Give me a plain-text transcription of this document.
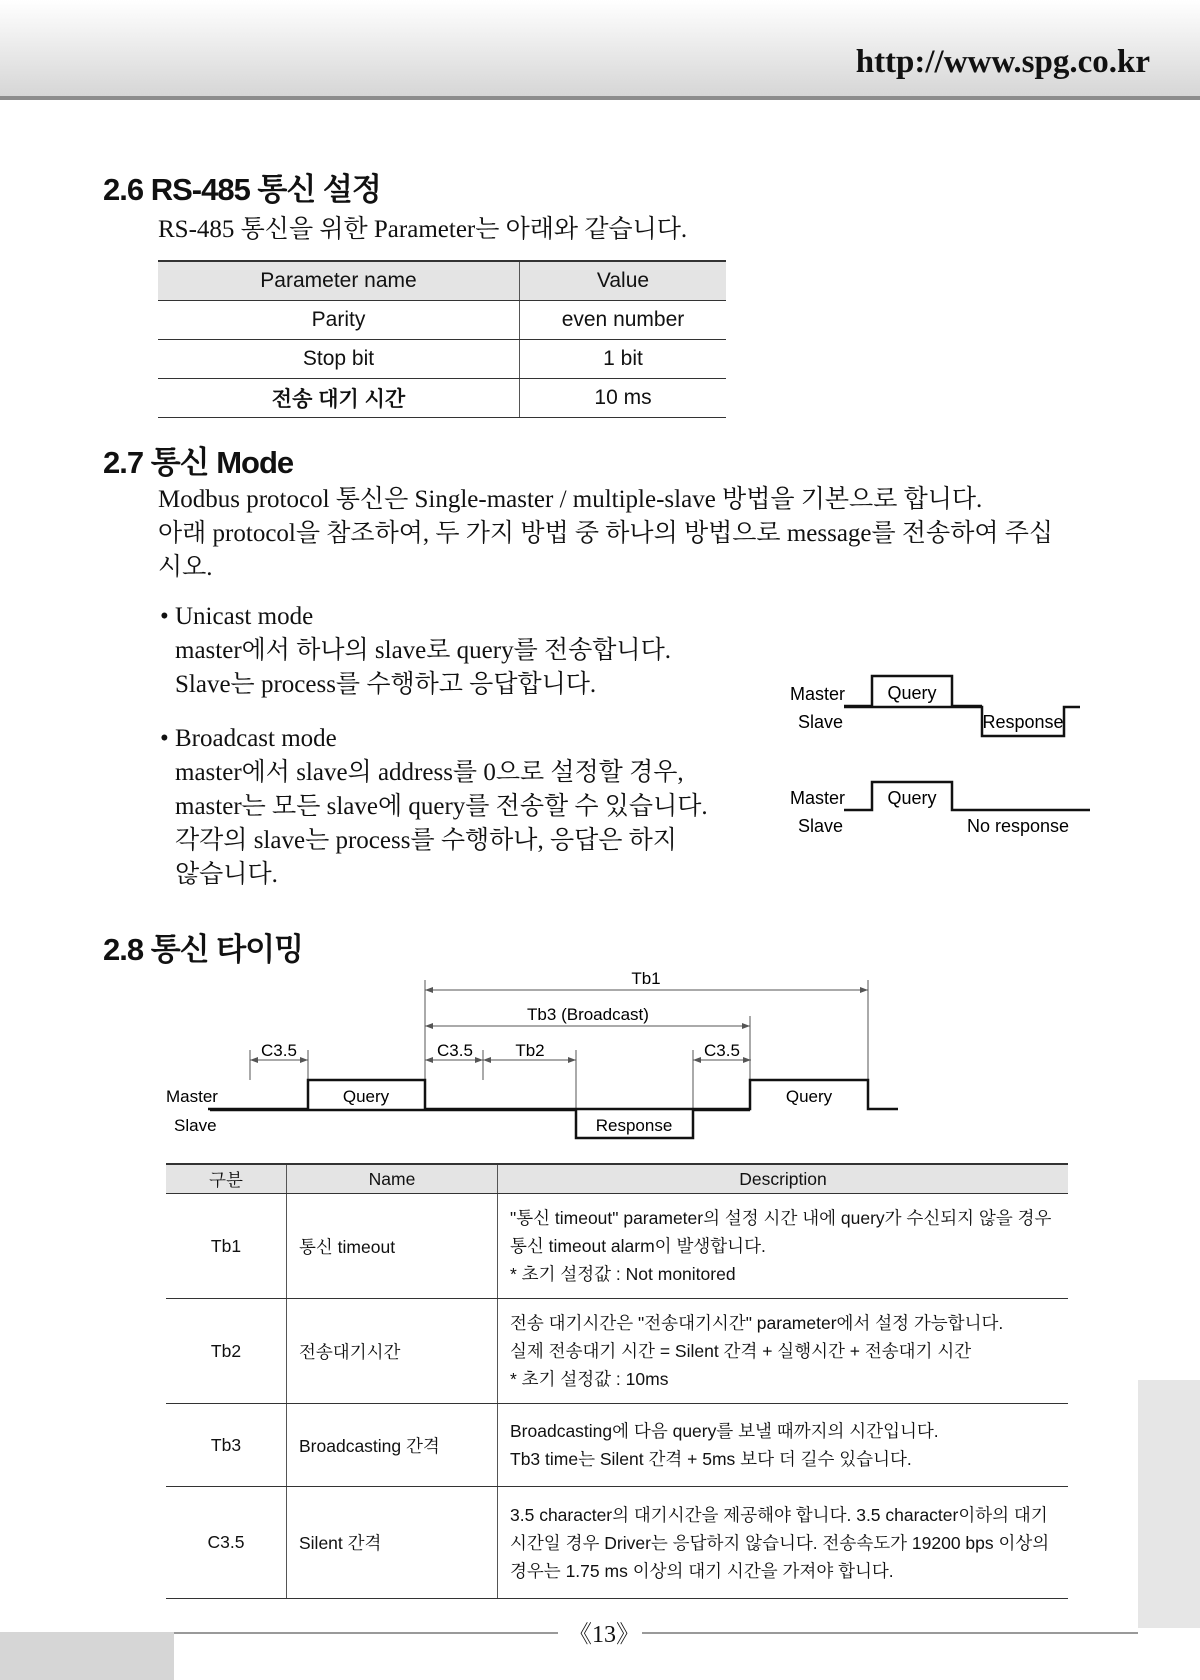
http://www.spg.co.kr
2.6 RS-485 통신 설정
RS-485 통신을 위한 Parameter는 아래와 같습니다.
Parameter name	Value
Parity	even number
Stop bit	1 bit
전송 대기 시간	10 ms
2.7 통신 Mode
Modbus protocol 통신은 Single-master / multiple-slave 방법을 기본으로 합니다.
아래 protocol을 참조하여, 두 가지 방법 중 하나의 방법으로 message를 전송하여 주십
시오.
• Unicast mode
master에서 하나의 slave로 query를 전송합니다.
Slave는 process를 수행하고 응답합니다.
• Broadcast mode
master에서 slave의 address를 0으로 설정할 경우,
master는 모든 slave에 query를 전송할 수 있습니다.
각각의 slave는 process를 수행하나, 응답은 하지
않습니다.
Master
Slave
Query
Response
Master
Slave
Query
No response
2.8 통신 타이밍
Tb1
Tb3 (Broadcast)
C3.5	C3.5 Tb2	C3.5
Master
Slave
Query	Query
Response
구분	Name	Description
Tb1	통신 timeout	"통신 timeout" parameter의 설정 시간 내에 query가 수신되지 않을 경우
통신 timeout alarm이 발생합니다.
* 초기 설정값 : Not monitored

Tb2	전송대기시간	전송 대기시간은 "전송대기시간" parameter에서 설정 가능합니다.
실제 전송대기 시간 = Silent 간격 + 실행시간 + 전송대기 시간
* 초기 설정값 : 10ms

Tb3	Broadcasting 간격	Broadcasting에 다음 query를 보낼 때까지의 시간입니다.
Tb3 time는 Silent 간격 + 5ms 보다 더 길수 있습니다.

C3.5	Silent 간격	3.5 character의 대기시간을 제공해야 합니다. 3.5 character이하의 대기
시간일 경우 Driver는 응답하지 않습니다. 전송속도가 19200 bps 이상의
경우는 1.75 ms 이상의 대기 시간을 가져야 합니다.
《13》
